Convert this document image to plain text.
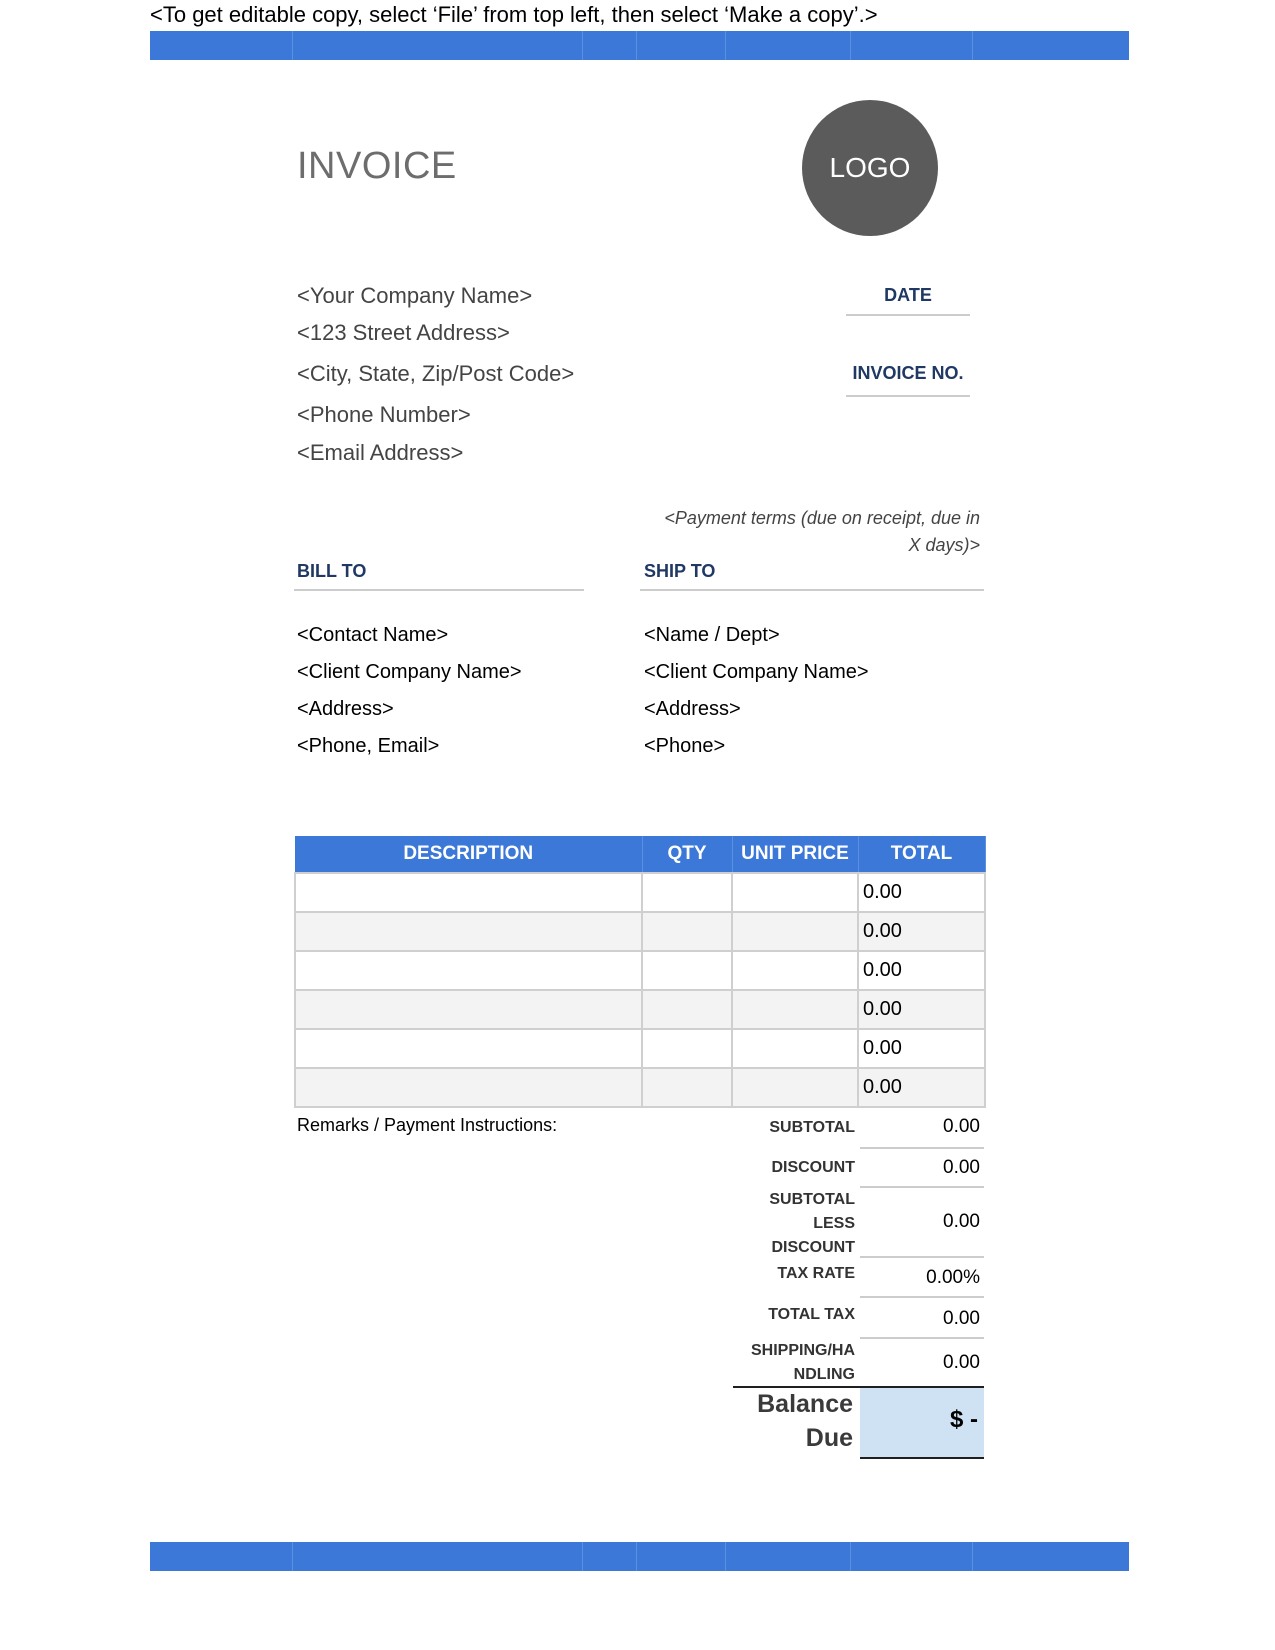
<To get editable copy, select ‘File’ from top left, then select ‘Make a copy’.>
INVOICE	LOGO
<Your Company Name>
<123 Street Address>
<City, State, Zip/Post Code>
<Phone Number>
<Email Address>
DATE
INVOICE NO.
<Payment terms (due on receipt, due in
X days)>
BILL TO	SHIP TO
<Contact Name>
<Client Company Name>
<Address>
<Phone, Email>
<Name / Dept>
<Client Company Name>
<Address>
<Phone>
DESCRIPTION	QTY	UNIT PRICE	TOTAL
			0.00
			0.00
			0.00
			0.00
			0.00
			0.00
Remarks / Payment Instructions:	SUBTOTAL	0.00
DISCOUNT	0.00
SUBTOTAL
LESS
DISCOUNT
0.00
TAX RATE	0.00%
TOTAL TAX	0.00
SHIPPING/HA
NDLING
0.00
Balance
Due
$ -
